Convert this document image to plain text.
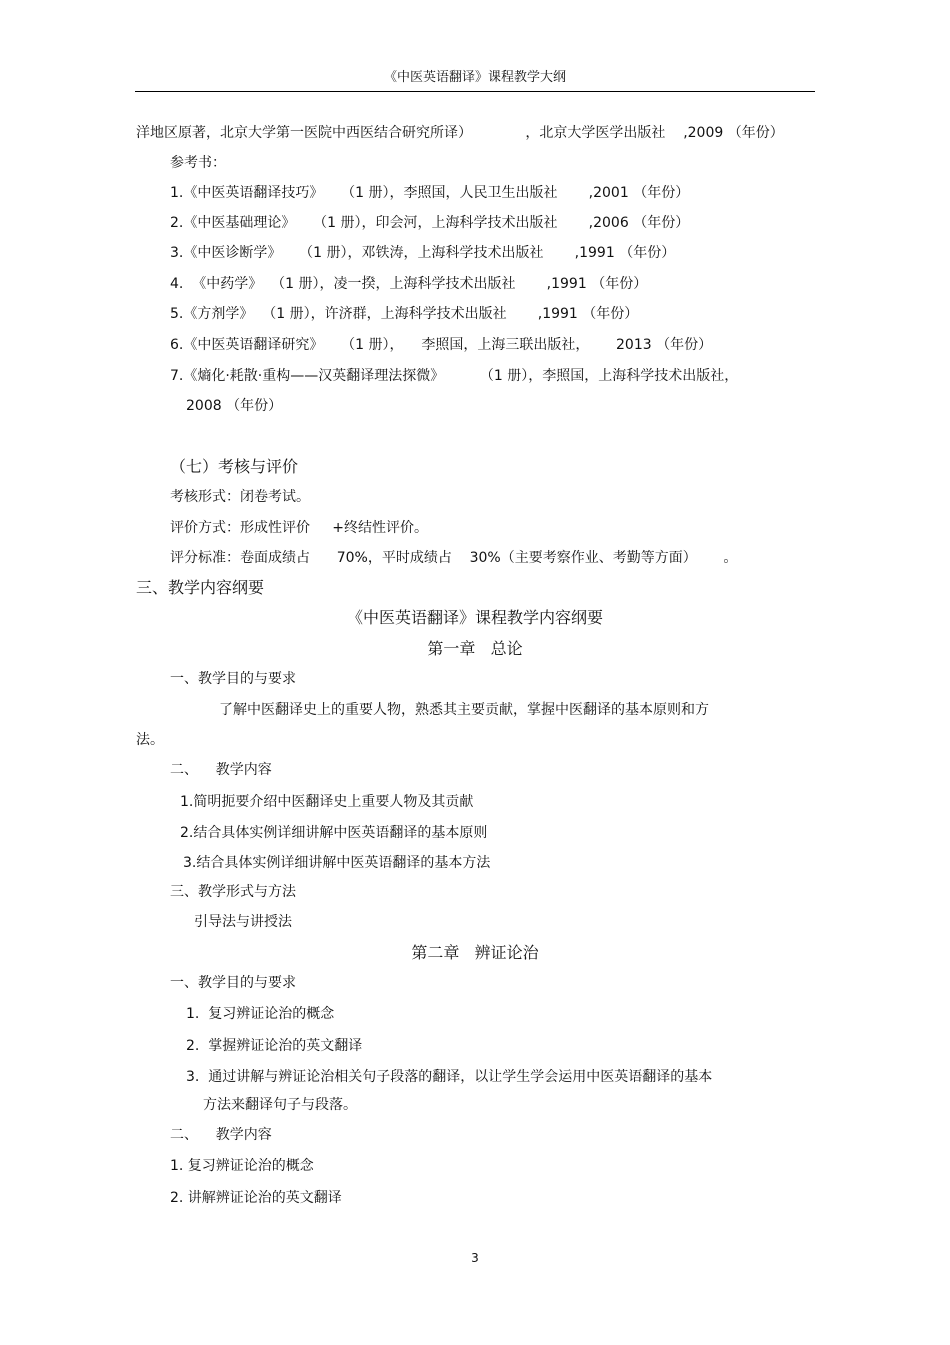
《中医英语翻译》课程教学大纲
洋地区原著，北京大学第一医院中西医结合研究所译）            ，北京大学医学出版社    ,2009 （年份）
参考书：
1.《中医英语翻译技巧》    （1 册），李照国，人民卫生出版社       ,2001 （年份）
2.《中医基础理论》    （1 册），印会河，上海科学技术出版社       ,2006 （年份）
3.《中医诊断学》    （1 册），邓铁涛，上海科学技术出版社       ,1991 （年份）
4.  《中药学》  （1 册），凌一揆，上海科学技术出版社       ,1991 （年份）
5.《方剂学》  （1 册），许济群，上海科学技术出版社       ,1991 （年份）
6.《中医英语翻译研究》    （1 册），    李照国，上海三联出版社，      2013 （年份）
7.《熵化·耗散·重构——汉英翻译理法探微》        （1 册），李照国，上海科学技术出版社，
2008 （年份）
（七）考核与评价
考核形式：闭卷考试。
评价方式：形成性评价     +终结性评价。
评分标准：卷面成绩占      70%，平时成绩占    30%（主要考察作业、考勤等方面）      。
三、教学内容纲要
《中医英语翻译》课程教学内容纲要
第一章   总论
一、教学目的与要求
了解中医翻译史上的重要人物，熟悉其主要贡献，掌握中医翻译的基本原则和方
法。
二、    教学内容
1.简明扼要介绍中医翻译史上重要人物及其贡献
2.结合具体实例详细讲解中医英语翻译的基本原则
3.结合具体实例详细讲解中医英语翻译的基本方法
三、教学形式与方法
引导法与讲授法
第二章   辨证论治
一、教学目的与要求
1.  复习辨证论治的概念
2.  掌握辨证论治的英文翻译
3.  通过讲解与辨证论治相关句子段落的翻译，以让学生学会运用中医英语翻译的基本
方法来翻译句子与段落。
二、    教学内容
1. 复习辨证论治的概念
2. 讲解辨证论治的英文翻译
3
